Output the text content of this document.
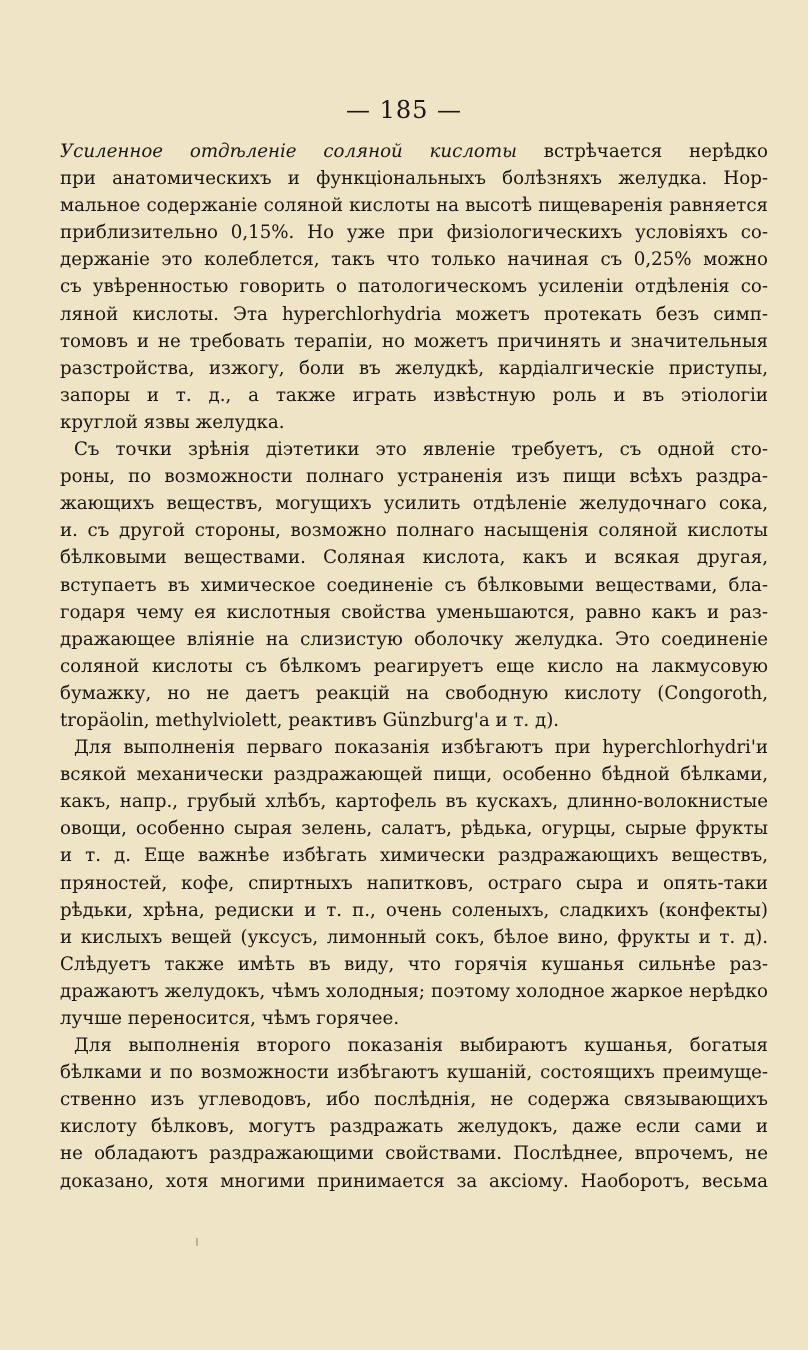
— 185 —
Усиленное отдѣленіе соляной кислоты встрѣчается нерѣдко
при анатомическихъ и функціональныхъ болѣзняхъ желудка. Нор-
мальное содержаніе соляной кислоты на высотѣ пищеваренія равняется
приблизительно 0,15%. Но уже при физіологическихъ условіяхъ со-
держаніе это колеблется, такъ что только начиная съ 0,25% можно
съ увѣренностью говорить о патологическомъ усиленіи отдѣленія со-
ляной кислоты. Эта hyperchlorhydria можетъ протекать безъ симп-
томовъ и не требовать терапіи, но можетъ причинять и значительныя
разстройства, изжогу, боли въ желудкѣ, кардіалгическіе приступы,
запоры и т. д., а также играть извѣстную роль и въ этіологіи
круглой язвы желудка.
Съ точки зрѣнія діэтетики это явленіе требуетъ, съ одной сто-
роны, по возможности полнаго устраненія изъ пищи всѣхъ раздра-
жающихъ веществъ, могущихъ усилить отдѣленіе желудочнаго сока,
и. съ другой стороны, возможно полнаго насыщенія соляной кислоты
бѣлковыми веществами. Соляная кислота, какъ и всякая другая,
вступаетъ въ химическое соединеніе съ бѣлковыми веществами, бла-
годаря чему ея кислотныя свойства уменьшаются, равно какъ и раз-
дражающее вліяніе на слизистую оболочку желудка. Это соединеніе
соляной кислоты съ бѣлкомъ реагируетъ еще кисло на лакмусовую
бумажку, но не даетъ реакцій на свободную кислоту (Congoroth,
tropäolin, methylviolett, реактивъ Günzburg'a и т. д).
Для выполненія перваго показанія избѣгаютъ при hyperchlorhydri'и
всякой механически раздражающей пищи, особенно бѣдной бѣлками,
какъ, напр., грубый хлѣбъ, картофель въ кускахъ, длинно-волокнистые
овощи, особенно сырая зелень, салатъ, рѣдька, огурцы, сырые фрукты
и т. д. Еще важнѣе избѣгать химически раздражающихъ веществъ,
пряностей, кофе, спиртныхъ напитковъ, остраго сыра и опять-таки
рѣдьки, хрѣна, редиски и т. п., очень соленыхъ, сладкихъ (конфекты)
и кислыхъ вещей (уксусъ, лимонный сокъ, бѣлое вино, фрукты и т. д).
Слѣдуетъ также имѣть въ виду, что горячія кушанья сильнѣе раз-
дражаютъ желудокъ, чѣмъ холодныя; поэтому холодное жаркое нерѣдко
лучше переносится, чѣмъ горячее.
Для выполненія второго показанія выбираютъ кушанья, богатыя
бѣлками и по возможности избѣгаютъ кушаній, состоящихъ преимуще-
ственно изъ углеводовъ, ибо послѣднія, не содержа связывающихъ
кислоту бѣлковъ, могутъ раздражать желудокъ, даже если сами и
не обладаютъ раздражающими свойствами. Послѣднее, впрочемъ, не
доказано, хотя многими принимается за аксіому. Наоборотъ, весьма
